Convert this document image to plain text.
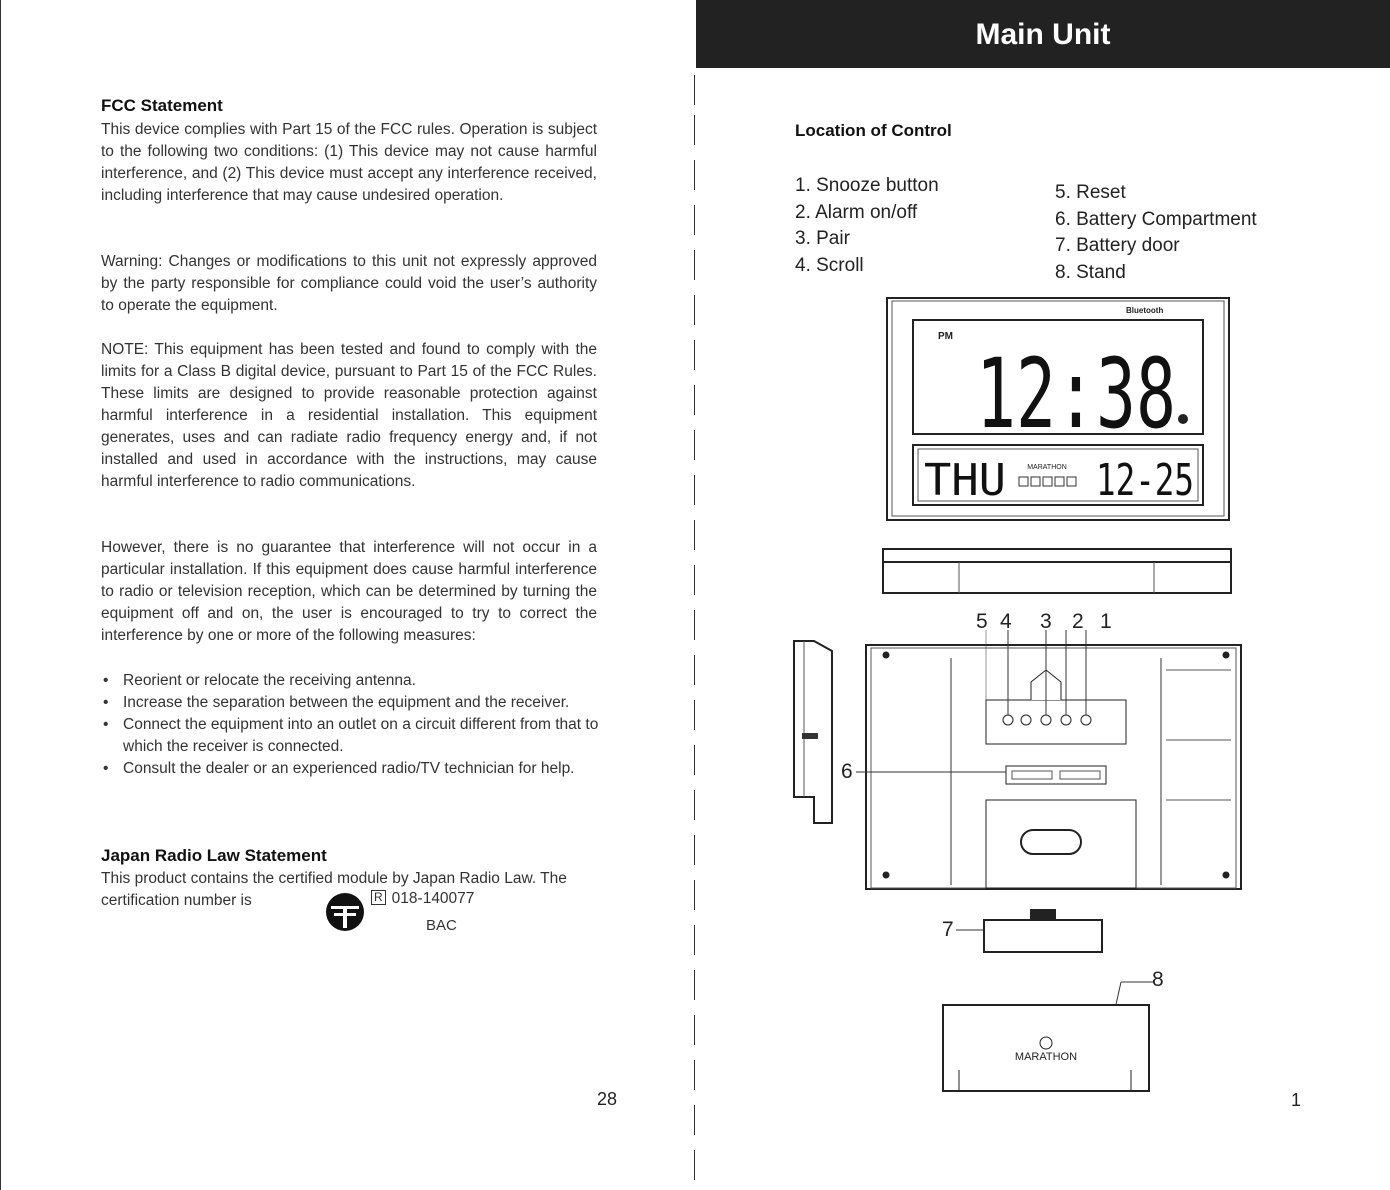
FCC Statement
This device complies with Part 15 of the FCC rules. Operation is subject to the following two conditions: (1) This device may not cause harmful interference, and (2) This device must accept any interference received, including interference that may cause undesired operation.
Warning: Changes or modifications to this unit not expressly approved by the party responsible for compliance could void the user’s authority to operate the equipment.
NOTE: This equipment has been tested and found to comply with the limits for a Class B digital device, pursuant to Part 15 of the FCC Rules. These limits are designed to provide reasonable protection against harmful interference in a residential installation. This equipment generates, uses and can radiate radio frequency energy and, if not installed and used in accordance with the instructions, may cause harmful interference to radio communications.
However, there is no guarantee that interference will not occur in a particular installation. If this equipment does cause harmful interference to radio or television reception, which can be determined by turning the equipment off and on, the user is encouraged to try to correct the interference by one or more of the following measures:
• Reorient or relocate the receiving antenna.
• Increase the separation between the equipment and the receiver.
• Connect the equipment into an outlet on a circuit different from that to which the receiver is connected.
• Consult the dealer or an experienced radio/TV technician for help.
Japan Radio Law Statement
This product contains the certified module by Japan Radio Law. The certification number is	R 018-140077
BAC
28
Main Unit
Location of Control
1. Snooze button
2. Alarm on/off
3. Pair
4. Scroll
5. Reset
6. Battery Compartment
7. Battery door
8. Stand
PM
12:38
Bluetooth
THU	MARATHON 12-25
5 4 3 2 1
6
7
MARATHON
8
1
